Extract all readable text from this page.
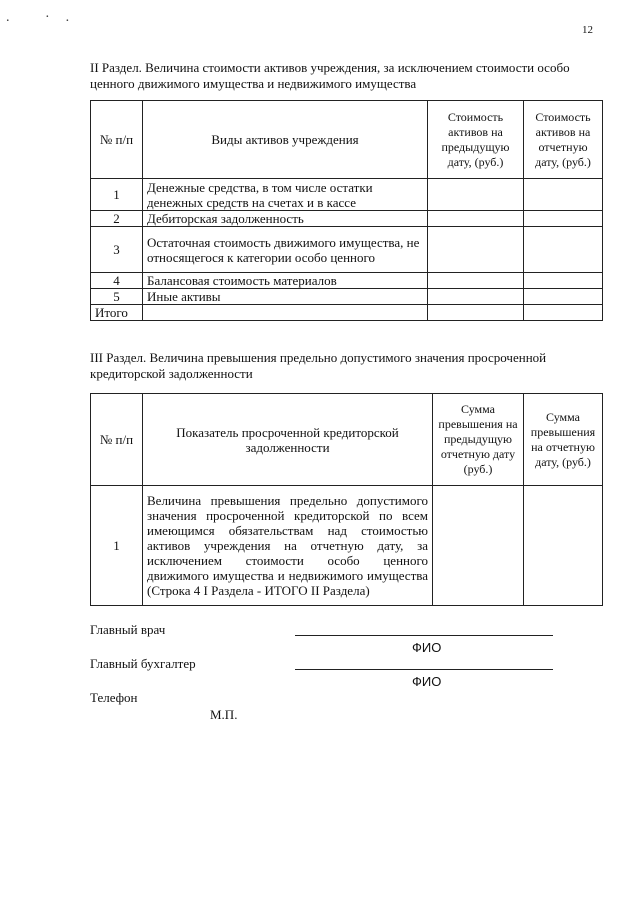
. ·.
12
II Раздел. Величина стоимости активов учреждения, за исключением стоимости особо ценного движимого имущества и недвижимого имущества
№ п/п	Виды активов учреждения	Стоимость активов на предыдущую дату, (руб.)	Стоимость активов на отчетную дату, (руб.)
1	Денежные средства, в том числе остатки денежных средств на счетах и в кассе		
2	Дебиторская задолженность		
3	Остаточная стоимость движимого имущества, не относящегося к категории особо ценного		
4	Балансовая стоимость материалов		
5	Иные активы		
Итого			
III Раздел. Величина превышения предельно допустимого значения просроченной кредиторской задолженности
№ п/п	Показатель просроченной кредиторской задолженности	Сумма превышения на предыдущую отчетную дату (руб.)	Сумма превышения на отчетную дату, (руб.)
1	Величина превышения предельно допустимого значения просроченной кредиторской по всем имеющимся обязательствам над стоимостью активов учреждения на отчетную дату, за исключением стоимости особо ценного движимого имущества и недвижимого имущества (Строка 4 I Раздела - ИТОГО II Раздела)		
Главный врач
ФИО
Главный бухгалтер
ФИО
Телефон
М.П.
